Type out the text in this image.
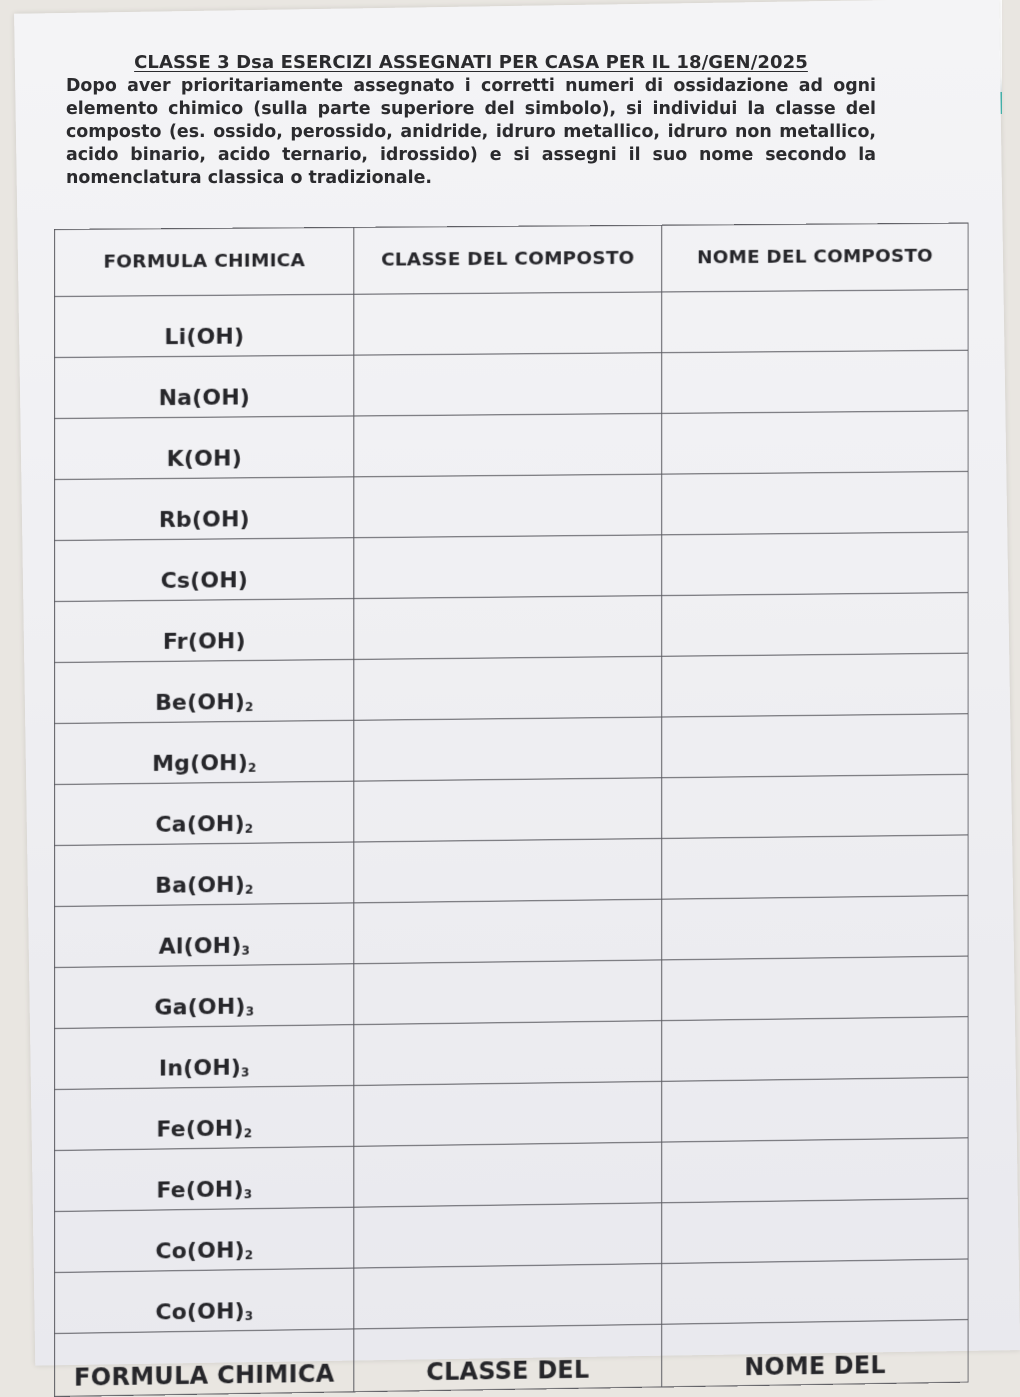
CLASSE 3 Dsa ESERCIZI ASSEGNATI PER CASA PER IL 18/GEN/2025
Dopo aver prioritariamente assegnato i corretti numeri di ossidazione ad ogni elemento chimico (sulla parte superiore del simbolo), si individui la classe del composto (es. ossido, perossido, anidride, idruro metallico, idruro non metallico, acido binario, acido ternario, idrossido) e si assegni il suo nome secondo la nomenclatura classica o tradizionale.
FORMULA CHIMICA	CLASSE DEL COMPOSTO	NOME DEL COMPOSTO
Li(OH)		
Na(OH)		
K(OH)		
Rb(OH)		
Cs(OH)		
Fr(OH)		
$Be(OH)_2$		
$Mg(OH)_2$		
$Ca(OH)_2$		
$Ba(OH)_2$		
$Al(OH)_3$		
$Ga(OH)_3$		
$In(OH)_3$		
$Fe(OH)_2$		
$Fe(OH)_3$		
$Co(OH)_2$		
$Co(OH)_3$		
FORMULA CHIMICA	CLASSE DEL	NOME DEL
